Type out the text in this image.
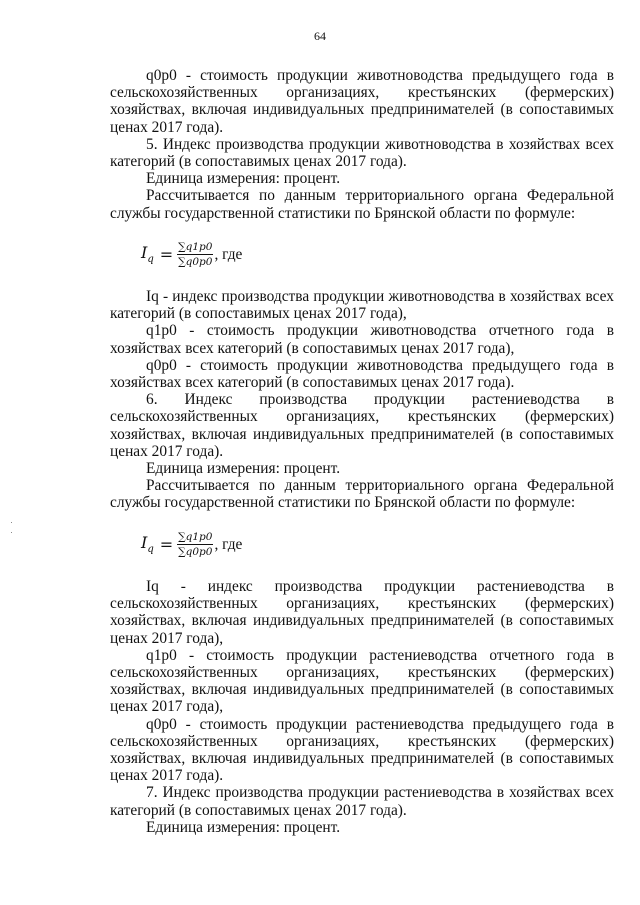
64

q0p0 - стоимость продукции животноводства предыдущего года в сельскохозяйственных организациях, крестьянских (фермерских) хозяйствах, включая индивидуальных предпринимателей (в сопоставимых ценах 2017 года).

5. Индекс производства продукции животноводства в хозяйствах всех категорий (в сопоставимых ценах 2017 года).

Единица измерения: процент.

Рассчитывается по данным территориального органа Федеральной службы государственной статистики по Брянской области по формуле:

$I_q = \frac{\sum q1p0}{\sum q0p0}$ , где

Iq - индекс производства продукции животноводства в хозяйствах всех категорий (в сопоставимых ценах 2017 года),

q1p0 - стоимость продукции животноводства отчетного года в хозяйствах всех категорий (в сопоставимых ценах 2017 года),

q0p0 - стоимость продукции животноводства предыдущего года в хозяйствах всех категорий (в сопоставимых ценах 2017 года).

6. Индекс производства продукции растениеводства в сельскохозяйственных организациях, крестьянских (фермерских) хозяйствах, включая индивидуальных предпринимателей (в сопоставимых ценах 2017 года).

Единица измерения: процент.

Рассчитывается по данным территориального органа Федеральной службы государственной статистики по Брянской области по формуле:

·
·
$I_q = \frac{\sum q1p0}{\sum q0p0}$ , где

Iq - индекс производства продукции растениеводства в сельскохозяйственных организациях, крестьянских (фермерских) хозяйствах, включая индивидуальных предпринимателей (в сопоставимых ценах 2017 года),

q1p0 - стоимость продукции растениеводства отчетного года в сельскохозяйственных организациях, крестьянских (фермерских) хозяйствах, включая индивидуальных предпринимателей (в сопоставимых ценах 2017 года),

q0p0 - стоимость продукции растениеводства предыдущего года в сельскохозяйственных организациях, крестьянских (фермерских) хозяйствах, включая индивидуальных предпринимателей (в сопоставимых ценах 2017 года).

7. Индекс производства продукции растениеводства в хозяйствах всех категорий (в сопоставимых ценах 2017 года).

Единица измерения: процент.
